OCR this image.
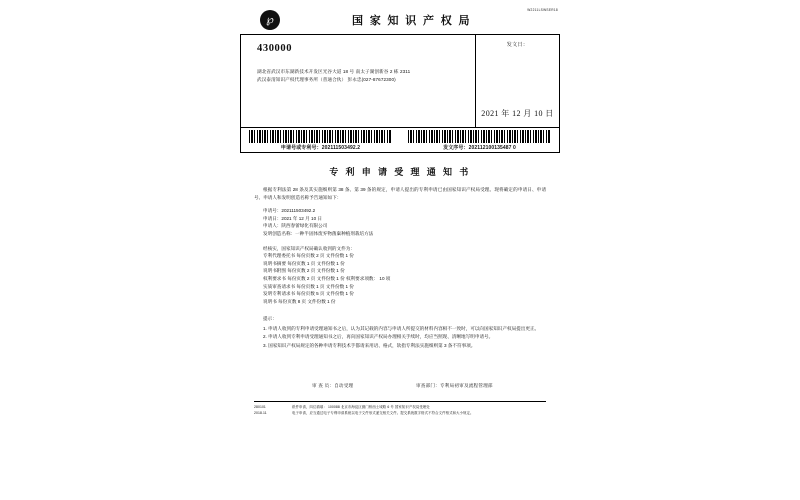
℘	国 家 知 识 产 权 局
W2211LSWSER18
430000
湖北省武汉市东湖新技术开发区光谷大道 18 号 南太子湖创新谷 2 栋 2311
武汉泰清知识产权代理事务所（普通合伙） 彭永忠(027-87672300)
发文日：
2021 年 12 月 10 日
申请号或专利号：202111503492.2	发文序号：202112100135487 0
专 利 申 请 受 理 通 知 书
根据专利法第 28 条及其实施细则第 38 条、第 39 条的规定，申请人提出的专利申请已由国家知识产权局受理。现将确定的申请日、申请号、申请人和发明创造名称予告通知如下：
申请号：202111503492.2
申请日：2021 年 12 月 10 日
申请人：陕西春蕾绿化有限公司
发明创造名称：一种半固体废弃物菌棄种植剂栽培方法
经核实，国家知识产权局确认收到的文件为：
专利代理委托书 每份页数 2 页 文件份数 1 份
说明书摘要 每份页数 1 页 文件份数 1 份
说明书附图 每份页数 2 页 文件份数 1 份
权利要求书 每份页数 2 页 文件份数 1 份 权利要求项数： 10 项
实质审查请求书 每份页数 1 页 文件份数 1 份
发明专利请求书 每份页数 5 页 文件份数 1 份
说明书 每份页数 8 页 文件份数 1 份
提示：
1. 申请人收到的专利申请受理通知书之后，认为其记载的内容与申请人所提交的材料内容相不一致时，可以向国家知识产权局提出更正。
2. 申请人收到专利申请受理通知书之后，再向国家知识产权局办理相关手续时，均应当照现、清晰地写明申请号。
3. 国家知识产权局规定的各种申请专利技术手都请来用语、格式，软指专利法实施细则第 3 条不符事项。
审 查 员：自动受理	审查部门：专利局初审及流程管理部
280101
2018.11
纸件申请，四位填填： 100088 北京市海淀区蓟门桥西土城路 6 号 国家知识产权局受理处
电子申请，应当通过电子专利申请系统以电子文件形式递交相关文件。提交系统数字格式不符合文件格式和大小规定。
